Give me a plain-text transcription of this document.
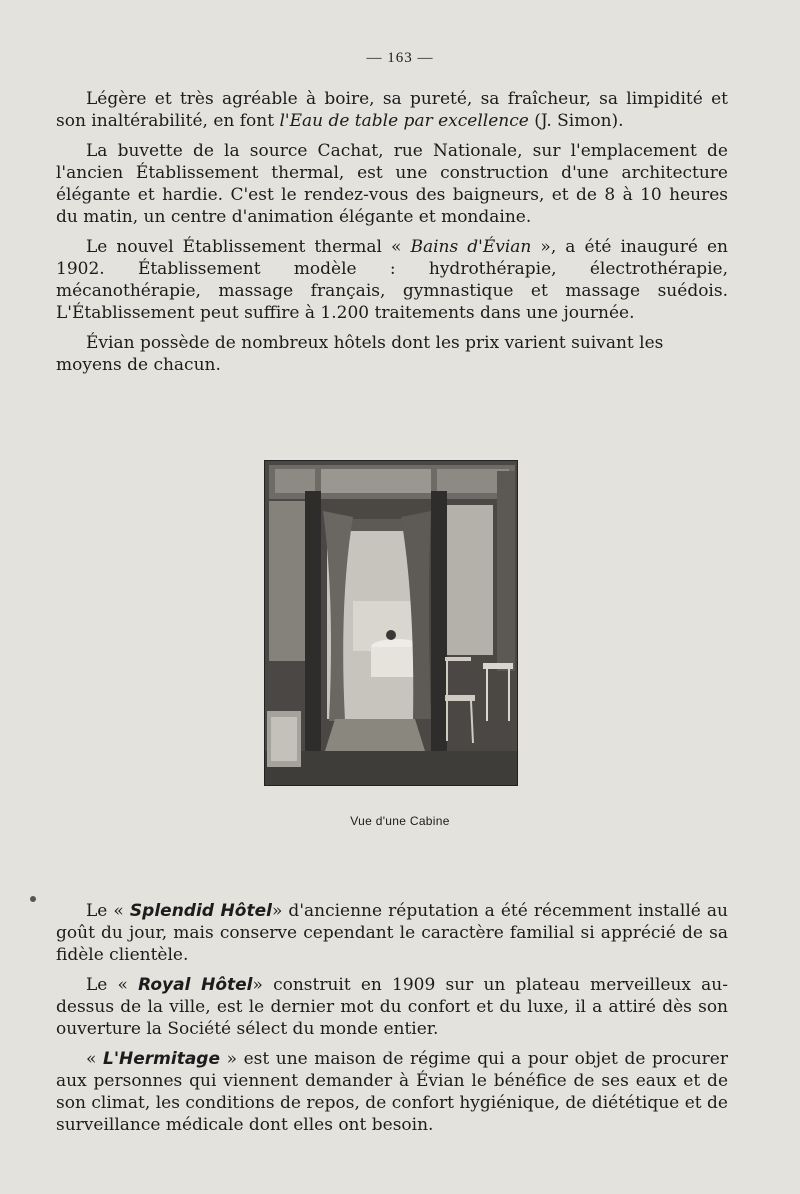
— 163 —

Légère et très agréable à boire, sa pureté, sa fraîcheur, sa limpidité et son inaltérabilité, en font l'Eau de table par excellence (J. Simon).

La buvette de la source Cachat, rue Nationale, sur l'emplacement de l'ancien Établissement thermal, est une construction d'une architecture élégante et hardie. C'est le rendez-vous des baigneurs, et de 8 à 10 heures du matin, un centre d'animation élégante et mondaine.

Le nouvel Établissement thermal « Bains d'Évian », a été inauguré en 1902. Établissement modèle : hydrothérapie, électrothérapie, mécanothérapie, massage français, gymnastique et massage suédois. L'Établissement peut suffire à 1.200 traitements dans une journée.

Évian possède de nombreux hôtels dont les prix varient suivant les moyens de chacun.

Vue d'une Cabine

Le « Splendid Hôtel» d'ancienne réputation a été récemment installé au goût du jour, mais conserve cependant le caractère familial si apprécié de sa fidèle clientèle.

Le « Royal Hôtel» construit en 1909 sur un plateau merveilleux au-dessus de la ville, est le dernier mot du confort et du luxe, il a attiré dès son ouverture la Société sélect du monde entier.

« L'Hermitage » est une maison de régime qui a pour objet de procurer aux personnes qui viennent demander à Évian le bénéfice de ses eaux et de son climat, les conditions de repos, de confort hygiénique, de diététique et de surveillance médicale dont elles ont besoin.
